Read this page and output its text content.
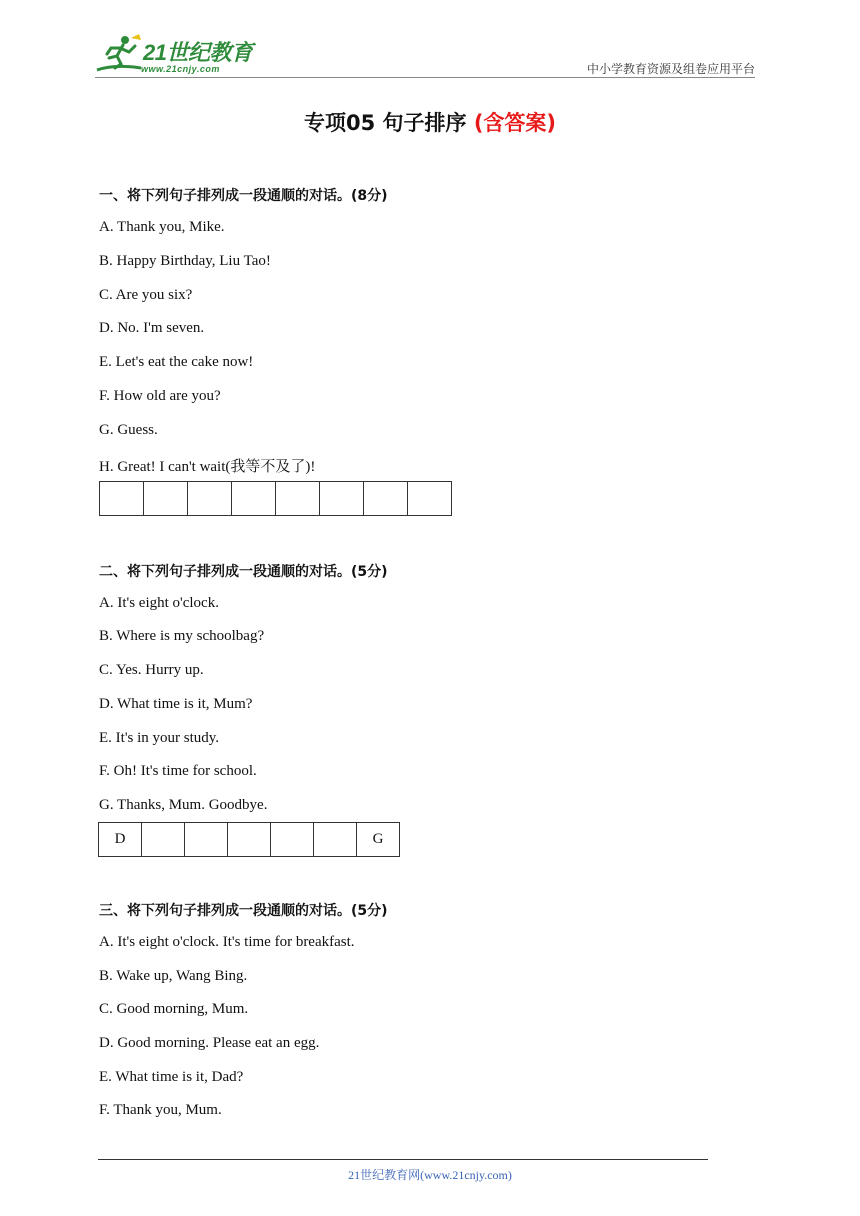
21世纪教育
www.21cnjy.com	中小学教育资源及组卷应用平台
专项05 句子排序 (含答案)
一、将下列句子排列成一段通顺的对话。(8分)
A. Thank you, Mike.
B. Happy Birthday, Liu Tao!
C. Are you six?
D. No. I'm seven.
E. Let's eat the cake now!
F. How old are you?
G. Guess.
H. Great! I can't wait(我等不及了)!
二、将下列句子排列成一段通顺的对话。(5分)
A. It's eight o'clock.
B. Where is my schoolbag?
C. Yes. Hurry up.
D. What time is it, Mum?
E. It's in your study.
F. Oh! It's time for school.
G. Thanks, Mum. Goodbye.
D	G
三、将下列句子排列成一段通顺的对话。(5分)
A. It's eight o'clock. It's time for breakfast.
B. Wake up, Wang Bing.
C. Good morning, Mum.
D. Good morning. Please eat an egg.
E. What time is it, Dad?
F. Thank you, Mum.
21世纪教育网(www.21cnjy.com)
